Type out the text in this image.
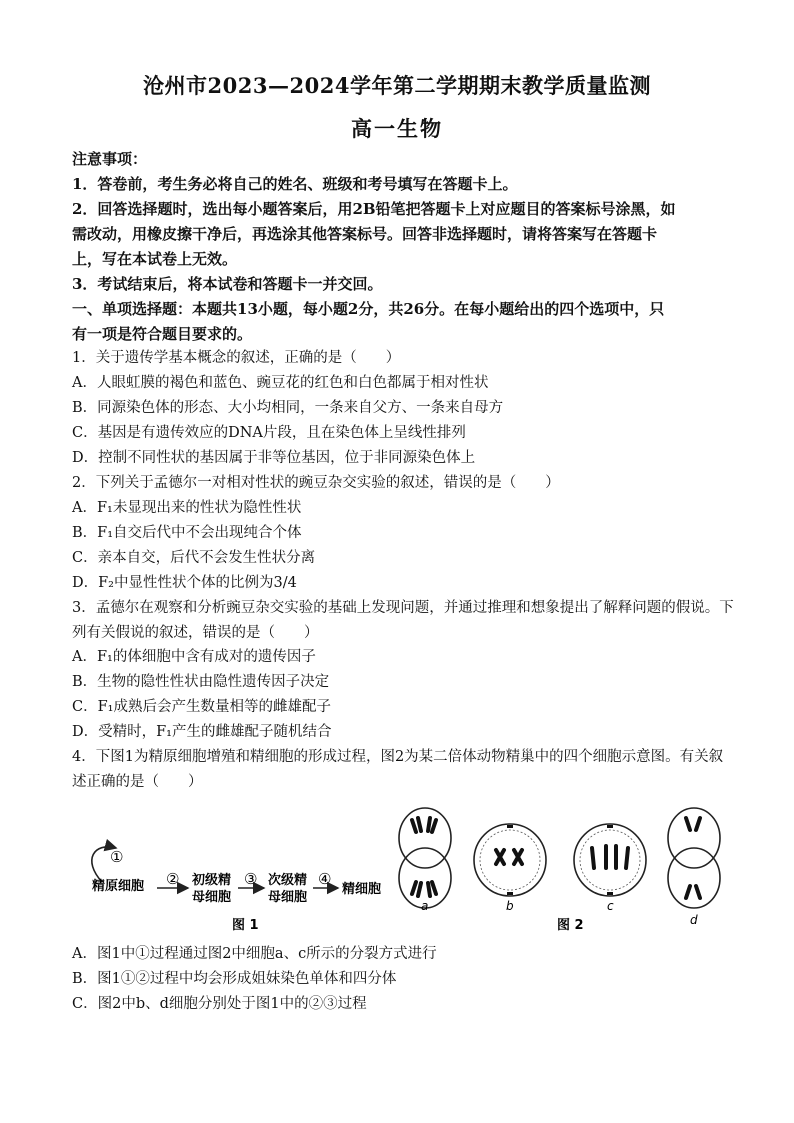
沧州市2023—2024学年第二学期期末教学质量监测
高一生物
注意事项：
1．答卷前，考生务必将自己的姓名、班级和考号填写在答题卡上。
2．回答选择题时，选出每小题答案后，用2B铅笔把答题卡上对应题目的答案标号涂黑，如
需改动，用橡皮擦干净后，再选涂其他答案标号。回答非选择题时，请将答案写在答题卡
上，写在本试卷上无效。
3．考试结束后，将本试卷和答题卡一并交回。
一、单项选择题：本题共13小题，每小题2分，共26分。在每小题给出的四个选项中，只
有一项是符合题目要求的。
1．关于遗传学基本概念的叙述，正确的是（　　）
A．人眼虹膜的褐色和蓝色、豌豆花的红色和白色都属于相对性状
B．同源染色体的形态、大小均相同，一条来自父方、一条来自母方
C．基因是有遗传效应的DNA片段，且在染色体上呈线性排列
D．控制不同性状的基因属于非等位基因，位于非同源染色体上
2．下列关于孟德尔一对相对性状的豌豆杂交实验的叙述，错误的是（　　）
A．F₁未显现出来的性状为隐性性状
B．F₁自交后代中不会出现纯合个体
C．亲本自交，后代不会发生性状分离
D．F₂中显性性状个体的比例为3/4
3．孟德尔在观察和分析豌豆杂交实验的基础上发现问题，并通过推理和想象提出了解释问题的假说。下
列有关假说的叙述，错误的是（　　）
A．F₁的体细胞中含有成对的遗传因子
B．生物的隐性性状由隐性遗传因子决定
C．F₁成熟后会产生数量相等的雌雄配子
D．受精时，F₁产生的雌雄配子随机结合
4．下图1为精原细胞增殖和精细胞的形成过程，图2为某二倍体动物精巢中的四个细胞示意图。有关叙
述正确的是（　　）
①
精原细胞 ② 初级精
母细胞
③ 次级精
母细胞
④
精细胞
图 1
a	b	c
d
图 2
A．图1中①过程通过图2中细胞a、c所示的分裂方式进行
B．图1①②过程中均会形成姐妹染色单体和四分体
C．图2中b、d细胞分别处于图1中的②③过程
